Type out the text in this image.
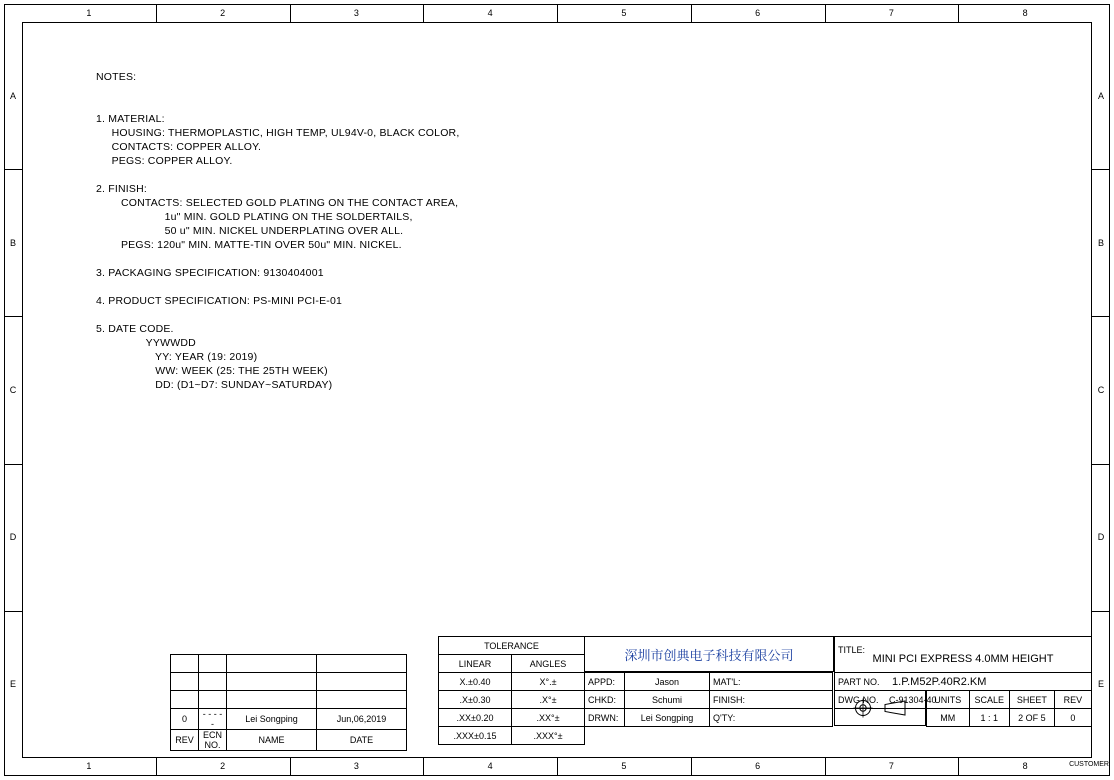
1
1
2
2
3
3
4
4
5
5
6
6
7
7
8
8
A	A
B	B
C	C
D	D
E	E

NOTES:

1. MATERIAL:
HOUSING: THERMOPLASTIC, HIGH TEMP, UL94V-0, BLACK COLOR,
CONTACTS: COPPER ALLOY.
PEGS: COPPER ALLOY.
2. FINISH:
CONTACTS: SELECTED GOLD PLATING ON THE CONTACT AREA,
1u" MIN. GOLD PLATING ON THE SOLDERTAILS,
50 u" MIN. NICKEL UNDERPLATING OVER ALL.
PEGS: 120u" MIN. MATTE-TIN OVER 50u" MIN. NICKEL.
3. PACKAGING SPECIFICATION: 9130404001
4. PRODUCT SPECIFICATION: PS-MINI PCI-E-01
5. DATE CODE.
YYWWDD
YY: YEAR (19: 2019)
WW: WEEK (25: THE 25TH WEEK)
DD: (D1~D7: SUNDAY~SATURDAY)

0	- - - - -	Lei Songping	Jun,06,2019
REV	ECN NO.	NAME	DATE
TOLERANCE	
LINEAR	ANGLES
X.±0.40	X°.±
.X±0.30	.X°±
.XX±0.20	.XX°±
.XXX±0.15	.XXX°±
深圳市创典电子科技有限公司
APPD:	Jason	MAT'L:
CHKD:	Schumi	FINISH:
DRWN:	Lei Songping	Q'TY:
TITLE:
MINI PCI EXPRESS 4.0MM HEIGHT

PART NO. 1.P.M52P.40R2.KM
DWG NO. C-91304-40
UNITS	SCALE	SHEET	REV
MM	1 : 1	2 OF 5	0
CUSTOMER
